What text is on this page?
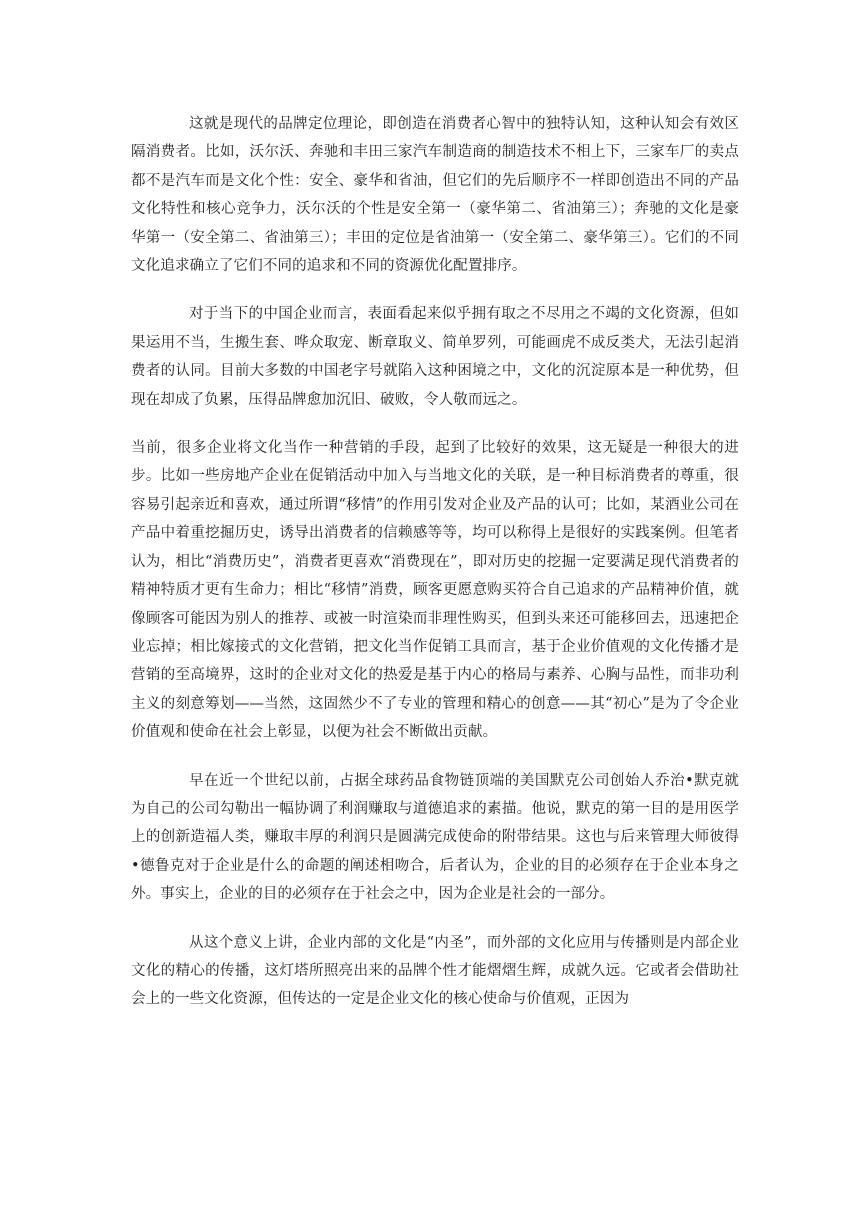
这就是现代的品牌定位理论，即创造在消费者心智中的独特认知，这种认知会有效区隔消费者。比如，沃尔沃、奔驰和丰田三家汽车制造商的制造技术不相上下，三家车厂的卖点都不是汽车而是文化个性：安全、豪华和省油，但它们的先后顺序不一样即创造出不同的产品文化特性和核心竞争力，沃尔沃的个性是安全第一（豪华第二、省油第三）；奔驰的文化是豪华第一（安全第二、省油第三）；丰田的定位是省油第一（安全第二、豪华第三）。它们的不同文化追求确立了它们不同的追求和不同的资源优化配置排序。

对于当下的中国企业而言，表面看起来似乎拥有取之不尽用之不竭的文化资源，但如果运用不当，生搬生套、哗众取宠、断章取义、简单罗列，可能画虎不成反类犬，无法引起消费者的认同。目前大多数的中国老字号就陷入这种困境之中，文化的沉淀原本是一种优势，但现在却成了负累，压得品牌愈加沉旧、破败，令人敬而远之。

当前，很多企业将文化当作一种营销的手段，起到了比较好的效果，这无疑是一种很大的进步。比如一些房地产企业在促销活动中加入与当地文化的关联，是一种目标消费者的尊重，很容易引起亲近和喜欢，通过所谓“移情”的作用引发对企业及产品的认可；比如，某酒业公司在产品中着重挖掘历史，诱导出消费者的信赖感等等，均可以称得上是很好的实践案例。但笔者认为，相比“消费历史”，消费者更喜欢“消费现在”，即对历史的挖掘一定要满足现代消费者的精神特质才更有生命力；相比“移情”消费，顾客更愿意购买符合自己追求的产品精神价值，就像顾客可能因为别人的推荐、或被一时渲染而非理性购买，但到头来还可能移回去，迅速把企业忘掉；相比嫁接式的文化营销，把文化当作促销工具而言，基于企业价值观的文化传播才是营销的至高境界，这时的企业对文化的热爱是基于内心的格局与素养、心胸与品性，而非功利主义的刻意筹划——当然，这固然少不了专业的管理和精心的创意——其“初心”是为了令企业价值观和使命在社会上彰显，以便为社会不断做出贡献。

早在近一个世纪以前，占据全球药品食物链顶端的美国默克公司创始人乔治•默克就为自己的公司勾勒出一幅协调了利润赚取与道德追求的素描。他说，默克的第一目的是用医学上的创新造福人类，赚取丰厚的利润只是圆满完成使命的附带结果。这也与后来管理大师彼得•德鲁克对于企业是什么的命题的阐述相吻合，后者认为，企业的目的必须存在于企业本身之外。事实上，企业的目的必须存在于社会之中，因为企业是社会的一部分。

从这个意义上讲，企业内部的文化是“内圣”，而外部的文化应用与传播则是内部企业文化的精心的传播，这灯塔所照亮出来的品牌个性才能熠熠生辉，成就久远。它或者会借助社会上的一些文化资源，但传达的一定是企业文化的核心使命与价值观，正因为
